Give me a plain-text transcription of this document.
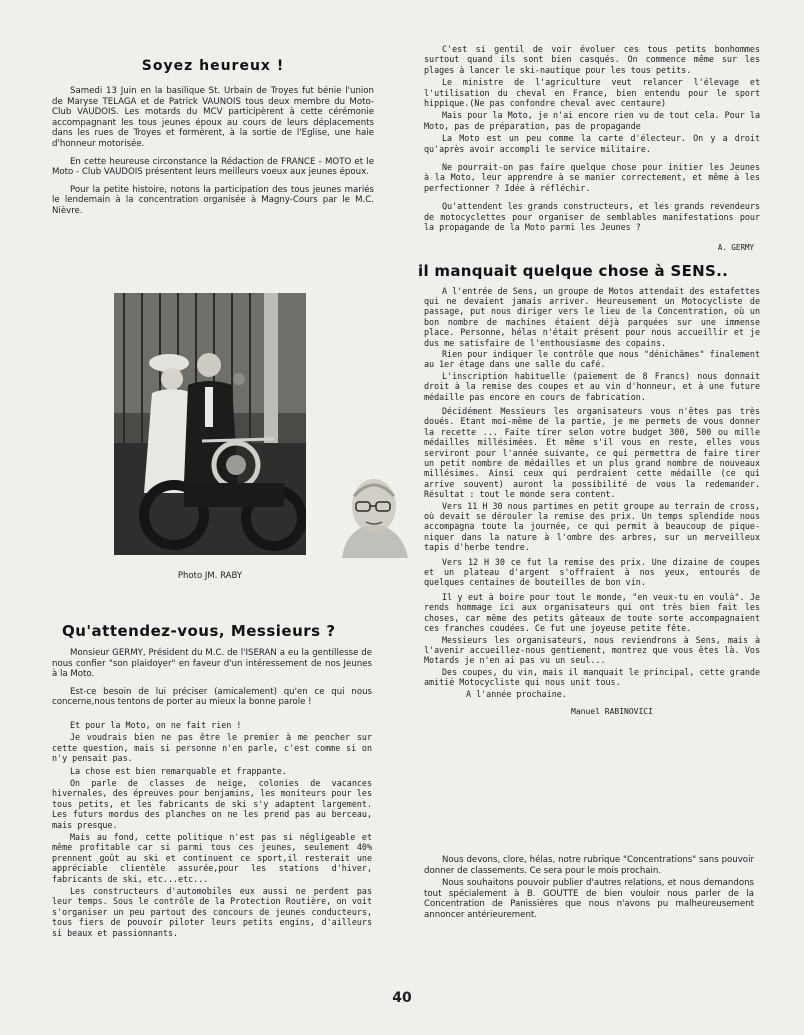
Soyez heureux !

Samedi 13 Juin en la basilique St. Urbain de Troyes fut bénie l'union de Maryse TELAGA et de Patrick VAUNOIS tous deux membre du Moto-Club VAUDOIS. Les motards du MCV participèrent à cette cérémonie accompagnant les tous jeunes époux au cours de leurs déplacements dans les rues de Troyes et formèrent, à la sortie de l'Eglise, une haie d'honneur motorisée.

En cette heureuse circonstance la Rédaction de FRANCE - MOTO et le Moto - Club VAUDOIS présentent leurs meilleurs voeux aux jeunes époux.

Pour la petite histoire, notons la participation des tous jeunes mariés le lendemain à la concentration organisée à Magny-Cours par le M.C. Nièvre.

Photo JM. RABY
Qu'attendez-vous, Messieurs ?

Monsieur GERMY, Président du M.C. de l'ISERAN a eu la gentillesse de nous confier "son plaidoyer" en faveur d'un intéressement de nos Jeunes à la Moto.

Est-ce besoin de lui préciser (amicalement) qu'en ce qui nous concerne,nous tentons de porter au mieux la bonne parole !

Et pour la Moto, on ne fait rien !

Je voudrais bien ne pas être le premier à me pencher sur cette question, mais si personne n'en parle, c'est comme si on n'y pensait pas.

La chose est bien remarquable et frappante.

On parle de classes de neige, colonies de vacances hivernales, des épreuves pour benjamins, les moniteurs pour les tous petits, et les fabricants de ski s'y adaptent largement. Les futurs mordus des planches on ne les prend pas au berceau, mais presque.

Mais au fond, cette politique n'est pas si négligeable et même profitable car si parmi tous ces jeunes, seulement 40% prennent goût au ski et continuent ce sport,il resterait une appréciable clientèle assurée,pour les stations d'hiver, fabricants de ski, etc...etc...

Les constructeurs d'automobiles eux aussi ne perdent pas leur temps. Sous le contrôle de la Protection Routière, on voit s'organiser un peu partout des concours de jeunes conducteurs, tous fiers de pouvoir piloter leurs petits engins, d'ailleurs si beaux et passionnants.

C'est si gentil de voir évoluer ces tous petits bonhommes surtout quand ils sont bien casqués. On commence même sur les plages à lancer le ski-nautique pour les tous petits.

Le ministre de l'agriculture veut relancer l'élevage et l'utilisation du cheval en France, bien entendu pour le sport hippique.(Ne pas confondre cheval avec centaure)

Mais pour la Moto, je n'ai encore rien vu de tout cela. Pour la Moto, pas de préparation, pas de propagande

La Moto est un peu comme la carte d'électeur. On y a droit qu'après avoir accompli le service militaire.

Ne pourrait-on pas faire quelque chose pour initier les Jeunes à la Moto, leur apprendre à se manier correctement, et même à les perfectionner ? Idée à réfléchir.

Qu'attendent les grands constructeurs, et les grands revendeurs de motocyclettes pour organiser de semblables manifestations pour la propagande de la Moto parmi les Jeunes ?

A. GERMY
il manquait quelque chose à SENS..

A l'entrée de Sens, un groupe de Motos attendait des estafettes qui ne devaient jamais arriver. Heureusement un Motocycliste de passage, put nous diriger vers le lieu de la Concentration, où un bon nombre de machines étaient déjà parquées sur une immense place. Personne, hélas n'était présent pour nous accueillir et je dus me satisfaire de l'enthousiasme des copains.

Rien pour indiquer le contrôle que nous "dénichâmes" finalement au 1er étage dans une salle du café.

L'inscription habituelle (paiement de 8 Francs) nous donnait droit à la remise des coupes et au vin d'honneur, et à une future médaille pas encore en cours de fabrication.

Décidément Messieurs les organisateurs vous n'êtes pas très doués. Etant moi-même de la partie, je me permets de vous donner la recette ... Faite tirer selon votre budget 300, 500 ou mille médailles millésimées. Et même s'il vous en reste, elles vous serviront pour l'année suivante, ce qui permettra de faire tirer un petit nombre de médailles et un plus grand nombre de nouveaux millésimes. Ainsi ceux qui perdraient cette médaille (ce qui arrive souvent) auront la possibilité de vous la redemander. Résultat : tout le monde sera content.

Vers 11 H 30 nous partimes en petit groupe au terrain de cross, où devait se dérouler la remise des prix. Un temps splendide nous accompagna toute la journée, ce qui permit à beaucoup de pique-niquer dans la nature à l'ombre des arbres, sur un merveilleux tapis d'herbe tendre.

Vers 12 H 30 ce fut la remise des prix. Une dizaine de coupes et un plateau d'argent s'offraient à nos yeux, entourés de quelques centaines de bouteilles de bon vin.

Il y eut à boire pour tout le monde, "en veux-tu en voulà". Je rends hommage ici aux organisateurs qui ont très bien fait les choses, car même des petits gâteaux de toute sorte accompagnaient ces franches coudées. Ce fut une joyeuse petite fête.

Messieurs les organisateurs, nous reviendrons à Sens, mais à l'avenir accueillez-nous gentiement, montrez que vous êtes là. Vos Motards je n'en ai pas vu un seul...

Des coupes, du vin, mais il manquait le principal, cette grande amitié Motocycliste qui nous unit tous.

A l'année prochaine.

Manuel RABINOVICI

Nous devons, clore, hélas, notre rubrique "Concentrations" sans pouvoir donner de classements. Ce sera pour le mois prochain.

Nous souhaitons pouvoir publier d'autres relations, et nous demandons tout spécialement à B. GOUTTE de bien vouloir nous parler de la Concentration de Panissières que nous n'avons pu malheureusement annoncer antérieurement.

40
